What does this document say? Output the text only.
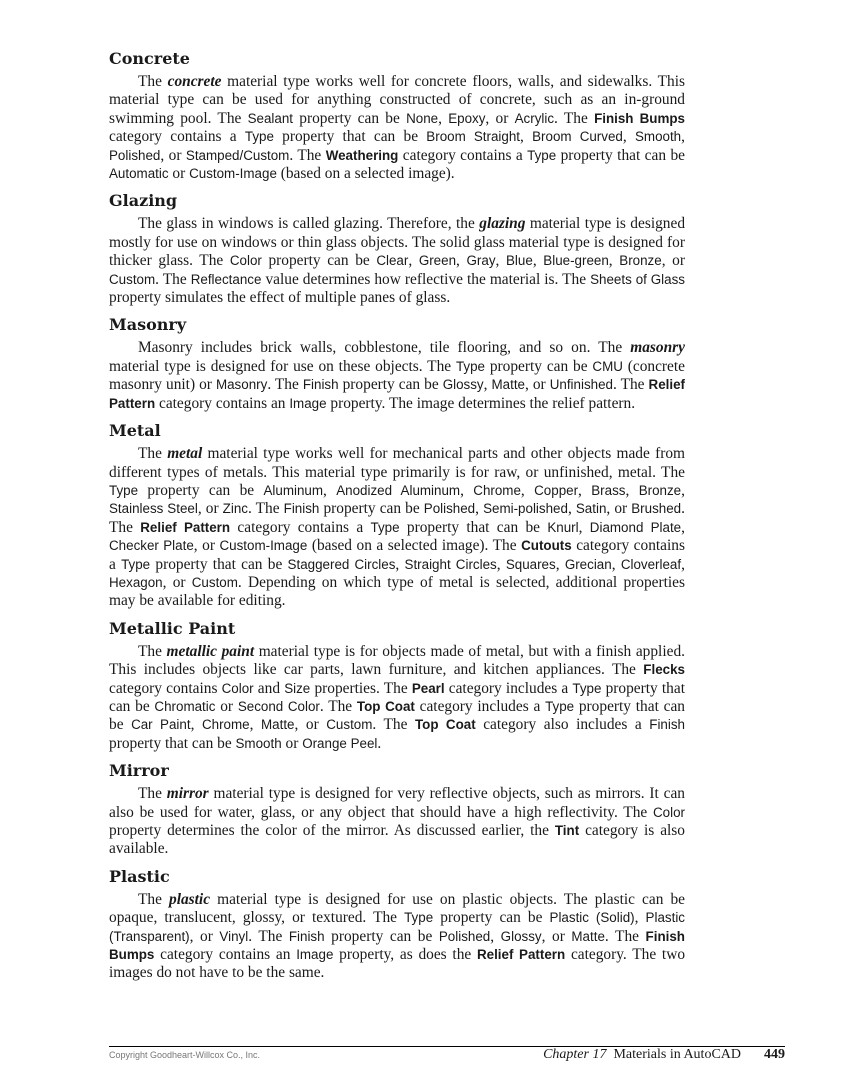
Concrete

The concrete material type works well for concrete floors, walls, and sidewalks. This material type can be used for anything constructed of concrete, such as an in-ground swimming pool. The Sealant property can be None, Epoxy, or Acrylic. The Finish Bumps category contains a Type property that can be Broom Straight, Broom Curved, Smooth, Polished, or Stamped/Custom. The Weathering category contains a Type property that can be Automatic or Custom-Image (based on a selected image).

Glazing

The glass in windows is called glazing. Therefore, the glazing material type is designed mostly for use on windows or thin glass objects. The solid glass material type is designed for thicker glass. The Color property can be Clear, Green, Gray, Blue, Blue-green, Bronze, or Custom. The Reflectance value determines how reflective the material is. The Sheets of Glass property simulates the effect of multiple panes of glass.

Masonry

Masonry includes brick walls, cobblestone, tile flooring, and so on. The masonry material type is designed for use on these objects. The Type property can be CMU (concrete masonry unit) or Masonry. The Finish property can be Glossy, Matte, or Unfinished. The Relief Pattern category contains an Image property. The image determines the relief pattern.

Metal

The metal material type works well for mechanical parts and other objects made from different types of metals. This material type primarily is for raw, or unfinished, metal. The Type property can be Aluminum, Anodized Aluminum, Chrome, Copper, Brass, Bronze, Stainless Steel, or Zinc. The Finish property can be Polished, Semi-polished, Satin, or Brushed. The Relief Pattern category contains a Type property that can be Knurl, Diamond Plate, Checker Plate, or Custom-Image (based on a selected image). The Cutouts category contains a Type property that can be Staggered Circles, Straight Circles, Squares, Grecian, Cloverleaf, Hexagon, or Custom. Depending on which type of metal is selected, additional properties may be available for editing.

Metallic Paint

The metallic paint material type is for objects made of metal, but with a finish applied. This includes objects like car parts, lawn furniture, and kitchen appliances. The Flecks category contains Color and Size properties. The Pearl category includes a Type property that can be Chromatic or Second Color. The Top Coat category includes a Type property that can be Car Paint, Chrome, Matte, or Custom. The Top Coat category also includes a Finish property that can be Smooth or Orange Peel.

Mirror

The mirror material type is designed for very reflective objects, such as mirrors. It can also be used for water, glass, or any object that should have a high reflectivity. The Color property determines the color of the mirror. As discussed earlier, the Tint category is also available.

Plastic

The plastic material type is designed for use on plastic objects. The plastic can be opaque, translucent, glossy, or textured. The Type property can be Plastic (Solid), Plastic (Transparent), or Vinyl. The Finish property can be Polished, Glossy, or Matte. The Finish Bumps category contains an Image property, as does the Relief Pattern category. The two images do not have to be the same.

Copyright Goodheart-Willcox Co., Inc.	Chapter 17 Materials in AutoCAD 449
